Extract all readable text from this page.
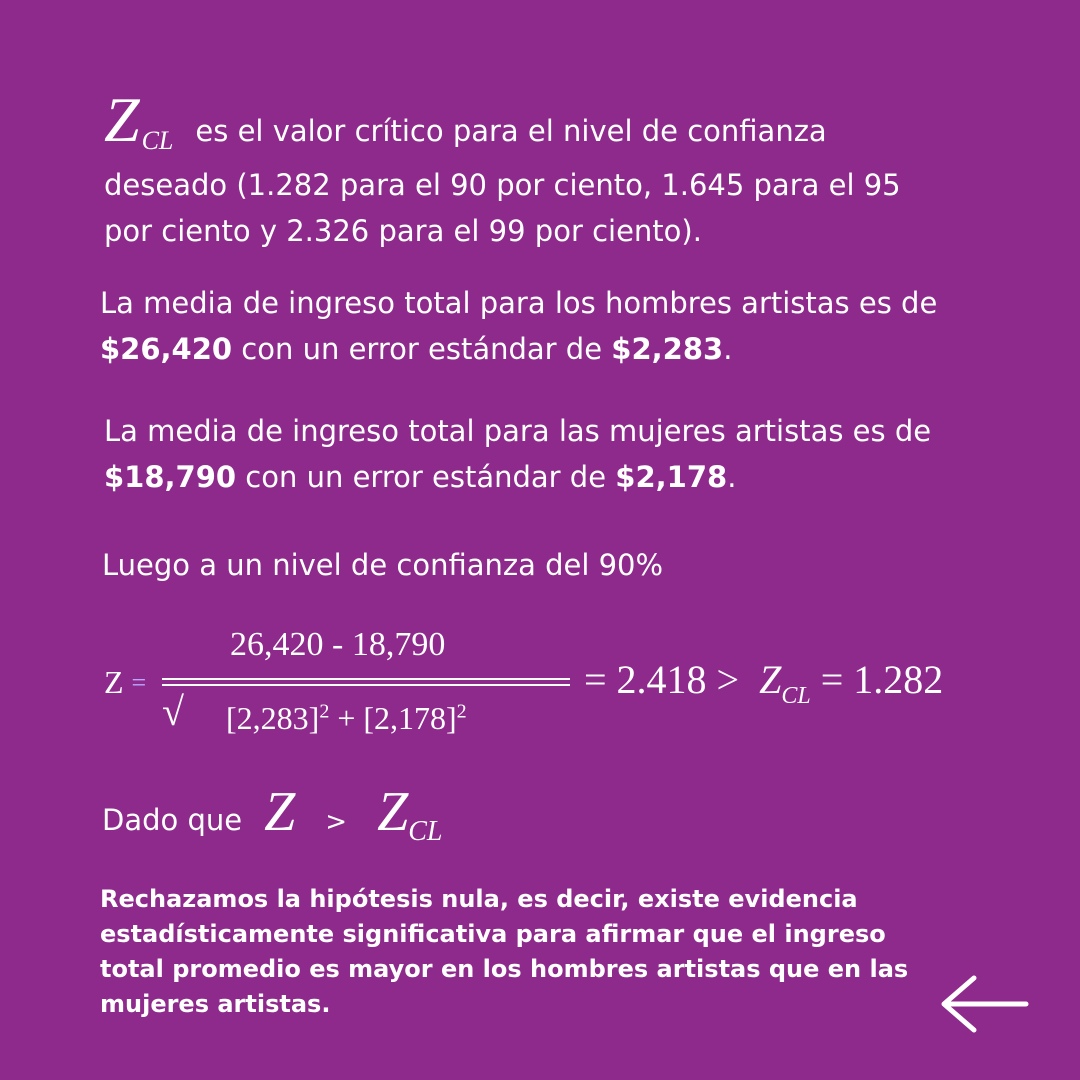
Z CL es el valor crítico para el nivel de confianza
deseado (1.282 para el 90 por ciento, 1.645 para el 95
por ciento y 2.326 para el 99 por ciento).
La media de ingreso total para los hombres artistas es de
$26,420 con un error estándar de $2,283.
La media de ingreso total para las mujeres artistas es de
$18,790 con un error estándar de $2,178.
Luego a un nivel de confianza del 90%
Z =
26,420 - 18,790
√ $[2,283]^2 + [2,178]^2$
= $2.418 > Z_{CL} = 1.282$
Dado que Z > Z CL
Rechazamos la hipótesis nula, es decir, existe evidencia estadísticamente significativa para afirmar que el ingreso total promedio es mayor en los hombres artistas que en las mujeres artistas.
